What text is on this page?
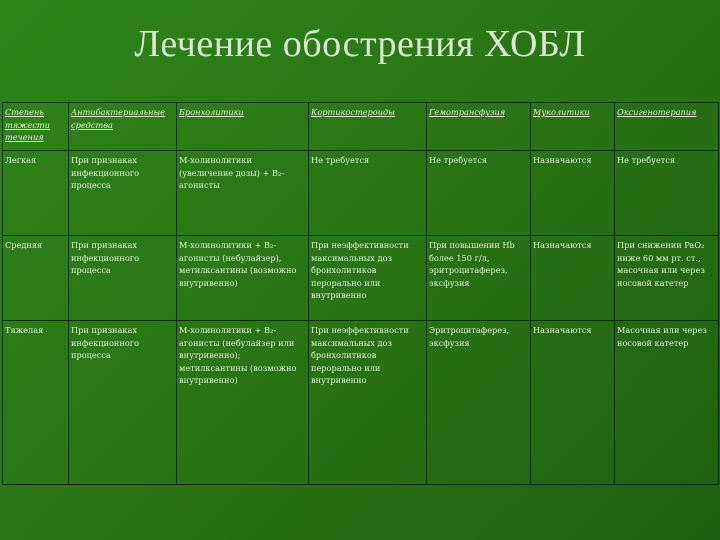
Лечение обострения ХОБЛ
Степень тяжести течения	Антибактериальные средства	Бронхолитики	Кортикостероиды	Гемотрансфузия	Муколитики	Оксигенотерапия
Легкая	При признаках инфекционного процесса	М-холинолитики (увеличение дозы) + В₂-агонисты	Не требуется	Не требуется	Назначаются	Не требуется
Средняя	При признаках инфекционного процесса	М-холинолитики + В₂-агонисты (небулайзер), метилксантины (возможно внутривенно)	При неэффективности максимальных доз бронхолитиков перорально или внутривенно	При повышении Hb более 150 г/л, эритроцитаферез, эксфузия	Назначаются	При снижении PaO₂ ниже 60 мм рт. ст., масочная или через носовой катетер
Тяжелая	При признаках инфекционного процесса	М-холинолитики + В₂-агонисты (небулайзер или внутривенно); метилксантины (возможно внутривенно)	При неэффективности максимальных доз бронхолитиков перорально или внутривенно	Эритроцитаферез, эксфузия	Назначаются	Масочная или через носовой катетер
